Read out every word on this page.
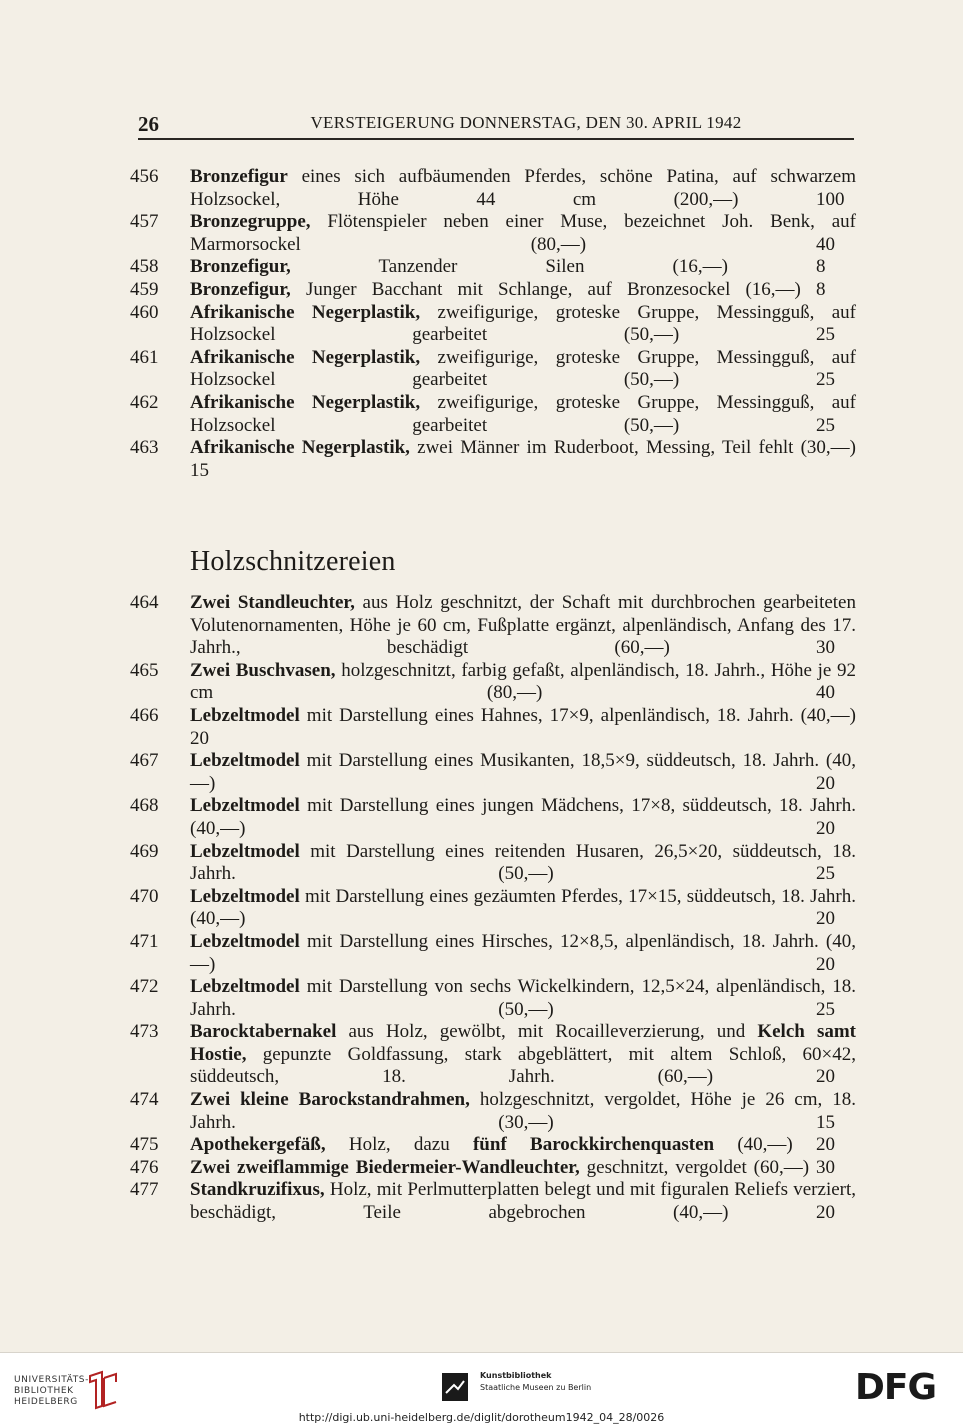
26	VERSTEIGERUNG DONNERSTAG, DEN 30. APRIL 1942
456	Bronzefigur eines sich aufbäumenden Pferdes, schöne Patina, auf schwarzem Holzsockel, Höhe 44 cm (200,—)	100
457	Bronzegruppe, Flötenspieler neben einer Muse, bezeichnet Joh. Benk, auf Marmorsockel (80,—)	40
458	Bronzefigur,	Tanzender Silen (16,—)	8
459	Bronzefigur, Junger Bacchant mit Schlange, auf Bronzesockel (16,—) 8
460	Afrikanische Negerplastik, zweifigurige, groteske Gruppe, Messingguß, auf Holzsockel gearbeitet (50,—)	25
461	Afrikanische Negerplastik, zweifigurige, groteske Gruppe, Messingguß, auf Holzsockel gearbeitet (50,—)	25
462	Afrikanische Negerplastik, zweifigurige, groteske Gruppe, Messingguß, auf Holzsockel gearbeitet (50,—)	25
463	Afrikanische Negerplastik, zwei Männer im Ruderboot, Messing, Teil fehlt (30,—) 15
Holzschnitzereien
464	Zwei Standleuchter, aus Holz geschnitzt, der Schaft mit durchbrochen gearbeiteten Volutenornamenten, Höhe je 60 cm, Fußplatte ergänzt, alpenländisch, Anfang des 17. Jahrh., beschädigt (60,—)	30
465	Zwei Buschvasen, holzgeschnitzt, farbig gefaßt, alpenländisch, 18. Jahrh., Höhe je 92 cm (80,—)	40
466	Lebzeltmodel mit Darstellung eines Hahnes, 17×9, alpenländisch, 18. Jahrh. (40,—) 20
467	Lebzeltmodel mit Darstellung eines Musikanten, 18,5×9, süddeutsch, 18. Jahrh. (40,—)	20
468	Lebzeltmodel mit Darstellung eines jungen Mädchens, 17×8, süddeutsch, 18. Jahrh. (40,—)	20
469	Lebzeltmodel mit Darstellung eines reitenden Husaren, 26,5×20, süddeutsch, 18. Jahrh. (50,—)	25
470	Lebzeltmodel mit Darstellung eines gezäumten Pferdes, 17×15, süddeutsch, 18. Jahrh. (40,—)	20
471	Lebzeltmodel mit Darstellung eines Hirsches, 12×8,5, alpenländisch, 18. Jahrh. (40,—)	20
472	Lebzeltmodel mit Darstellung von sechs Wickelkindern, 12,5×24, alpenländisch, 18. Jahrh. (50,—)	25
473	Barocktabernakel aus Holz, gewölbt, mit Rocailleverzierung, und Kelch samt Hostie, gepunzte Goldfassung, stark abgeblättert, mit altem Schloß, 60×42, süddeutsch, 18. Jahrh. (60,—)	20
474	Zwei kleine Barockstandrahmen, holzgeschnitzt, vergoldet, Höhe je 26 cm, 18. Jahrh. (30,—)	15
475	Apothekergefäß, Holz, dazu fünf Barockkirchenquasten (40,—) 20
476	Zwei zweiflammige Biedermeier-Wandleuchter, geschnitzt, vergoldet (60,—) 30
477	Standkruzifixus, Holz, mit Perlmutterplatten belegt und mit figuralen Reliefs verziert, beschädigt, Teile abgebrochen (40,—)	20
UNIVERSITÄTS-
BIBLIOTHEK
HEIDELBERG
Kunstbibliothek
Staatliche Museen zu Berlin	DFG
http://digi.ub.uni-heidelberg.de/diglit/dorotheum1942_04_28/0026
